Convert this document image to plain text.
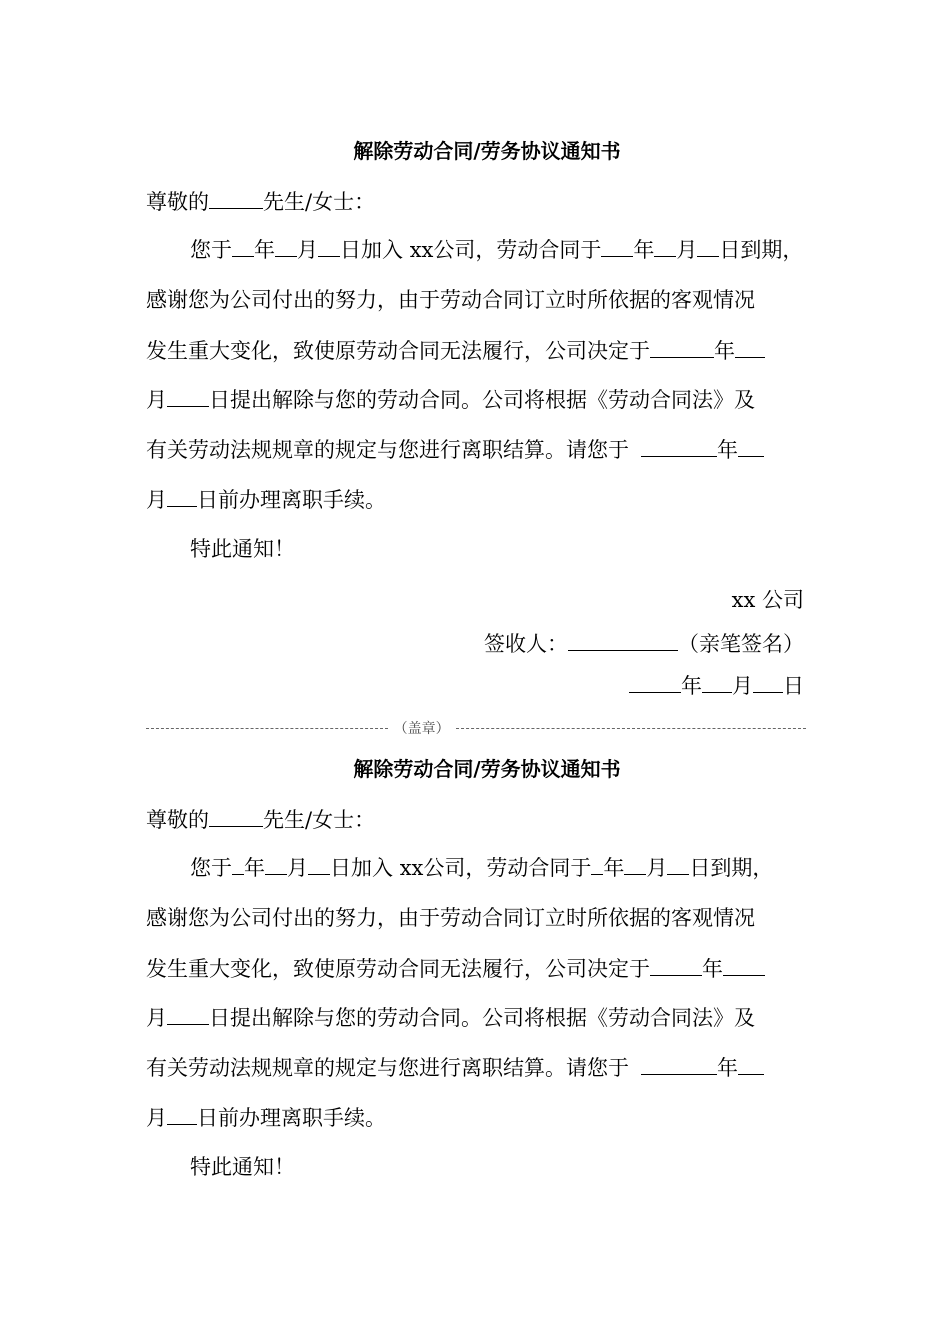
解除劳动合同/劳务协议通知书
尊敬的	先生/女士：
您于 年 月 日加入 xx公司，劳动合同于 年 月 日到期，
感谢您为公司付出的努力，由于劳动合同订立时所依据的客观情况
发生重大变化，致使原劳动合同无法履行，公司决定于	年
月 日提出解除与您的劳动合同。公司将根据《劳动合同法》及
有关劳动法规规章的规定与您进行离职结算。请您于	年
月 日前办理离职手续。
特此通知！
xx 公司
签收人：	（亲笔签名）
年 月 日
（盖章）
解除劳动合同/劳务协议通知书
尊敬的	先生/女士：
您于 年 月 日加入 xx公司，劳动合同于 年 月 日到期，
感谢您为公司付出的努力，由于劳动合同订立时所依据的客观情况
发生重大变化，致使原劳动合同无法履行，公司决定于 年
月 日提出解除与您的劳动合同。公司将根据《劳动合同法》及
有关劳动法规规章的规定与您进行离职结算。请您于	年
月 日前办理离职手续。
特此通知！
